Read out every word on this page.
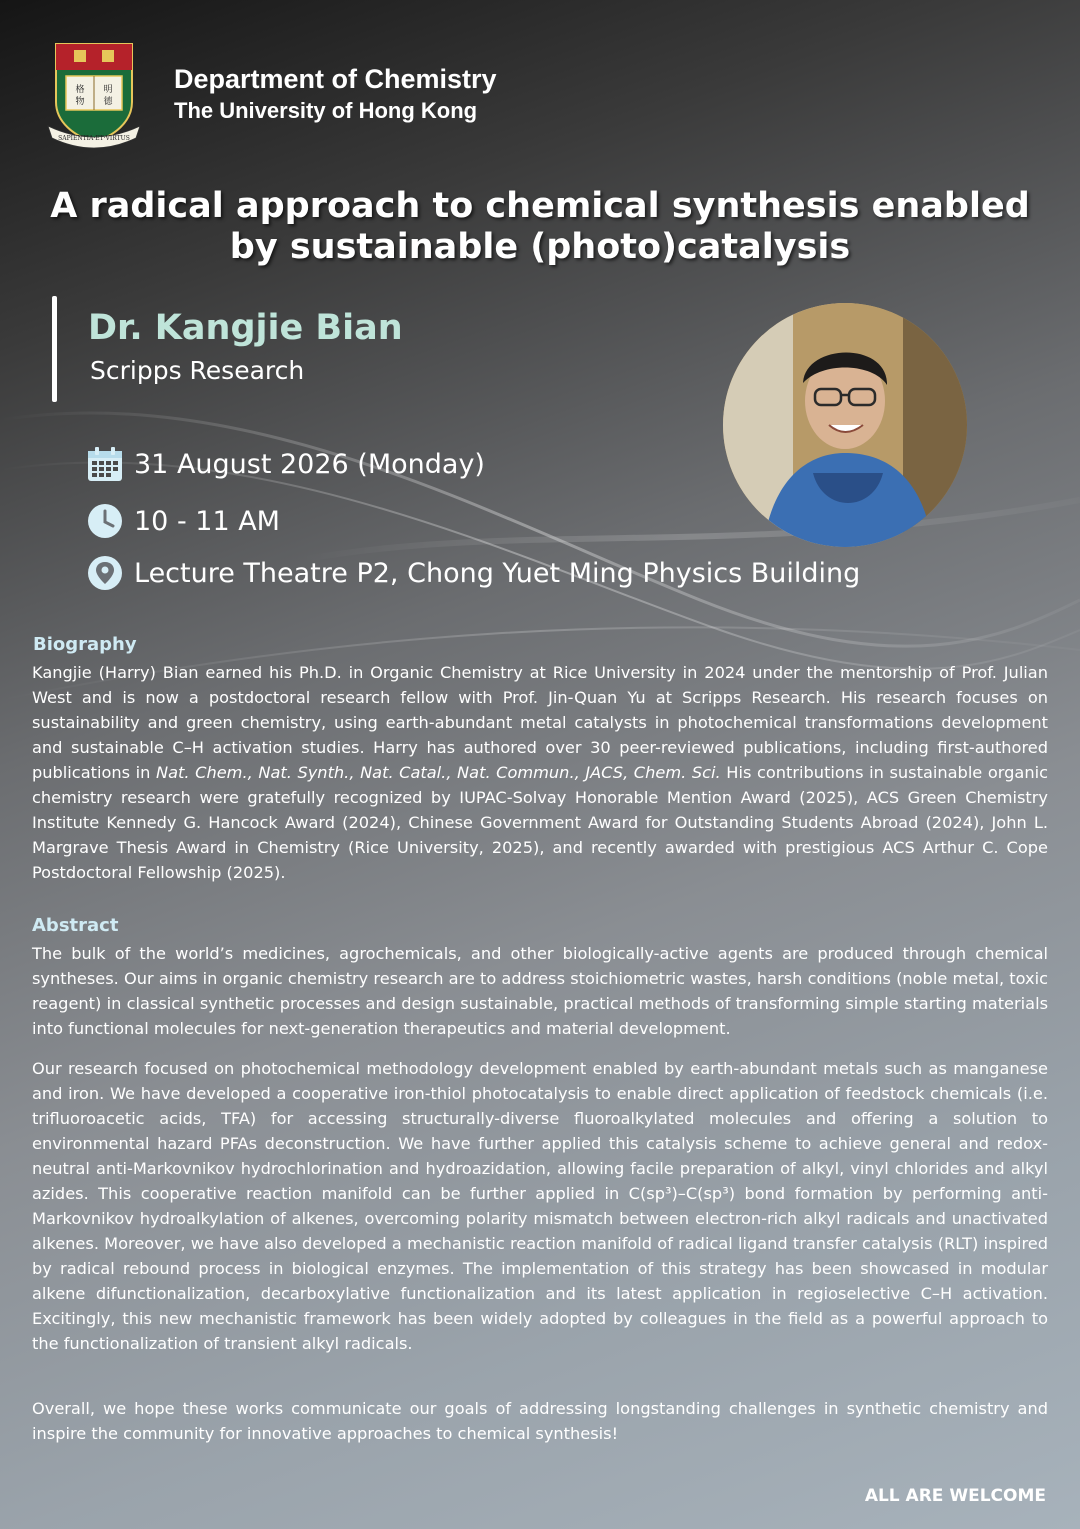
格
物
明
德
SAPIENTIA·ET·VIRTUS
Department of Chemistry
The University of Hong Kong
A radical approach to chemical synthesis enabled
by sustainable (photo)catalysis
Dr. Kangjie Bian
Scripps Research
31 August 2026 (Monday)
10 - 11 AM
Lecture Theatre P2, Chong Yuet Ming Physics Building
Biography
Kangjie (Harry) Bian earned his Ph.D. in Organic Chemistry at Rice University in 2024 under the mentorship of Prof. Julian West and is now a postdoctoral research fellow with Prof. Jin-Quan Yu at Scripps Research. His research focuses on sustainability and green chemistry, using earth-abundant metal catalysts in photochemical transformations development and sustainable C–H activation studies. Harry has authored over 30 peer-reviewed publications, including first-authored publications in Nat. Chem., Nat. Synth., Nat. Catal., Nat. Commun., JACS, Chem. Sci. His contributions in sustainable organic chemistry research were gratefully recognized by IUPAC-Solvay Honorable Mention Award (2025), ACS Green Chemistry Institute Kennedy G. Hancock Award (2024), Chinese Government Award for Outstanding Students Abroad (2024), John L. Margrave Thesis Award in Chemistry (Rice University, 2025), and recently awarded with prestigious ACS Arthur C. Cope Postdoctoral Fellowship (2025).
Abstract
The bulk of the world’s medicines, agrochemicals, and other biologically-active agents are produced through chemical syntheses. Our aims in organic chemistry research are to address stoichiometric wastes, harsh conditions (noble metal, toxic reagent) in classical synthetic processes and design sustainable, practical methods of transforming simple starting materials into functional molecules for next-generation therapeutics and material development.
Our research focused on photochemical methodology development enabled by earth-abundant metals such as manganese and iron. We have developed a cooperative iron-thiol photocatalysis to enable direct application of feedstock chemicals (i.e. trifluoroacetic acids, TFA) for accessing structurally-diverse fluoroalkylated molecules and offering a solution to environmental hazard PFAs deconstruction. We have further applied this catalysis scheme to achieve general and redox-neutral anti-Markovnikov hydrochlorination and hydroazidation, allowing facile preparation of alkyl, vinyl chlorides and alkyl azides. This cooperative reaction manifold can be further applied in C(sp³)–C(sp³) bond formation by performing anti-Markovnikov hydroalkylation of alkenes, overcoming polarity mismatch between electron-rich alkyl radicals and unactivated alkenes. Moreover, we have also developed a mechanistic reaction manifold of radical ligand transfer catalysis (RLT) inspired by radical rebound process in biological enzymes. The implementation of this strategy has been showcased in modular alkene difunctionalization, decarboxylative functionalization and its latest application in regioselective C–H activation. Excitingly, this new mechanistic framework has been widely adopted by colleagues in the field as a powerful approach to the functionalization of transient alkyl radicals.
Overall, we hope these works communicate our goals of addressing longstanding challenges in synthetic chemistry and inspire the community for innovative approaches to chemical synthesis!
ALL ARE WELCOME
